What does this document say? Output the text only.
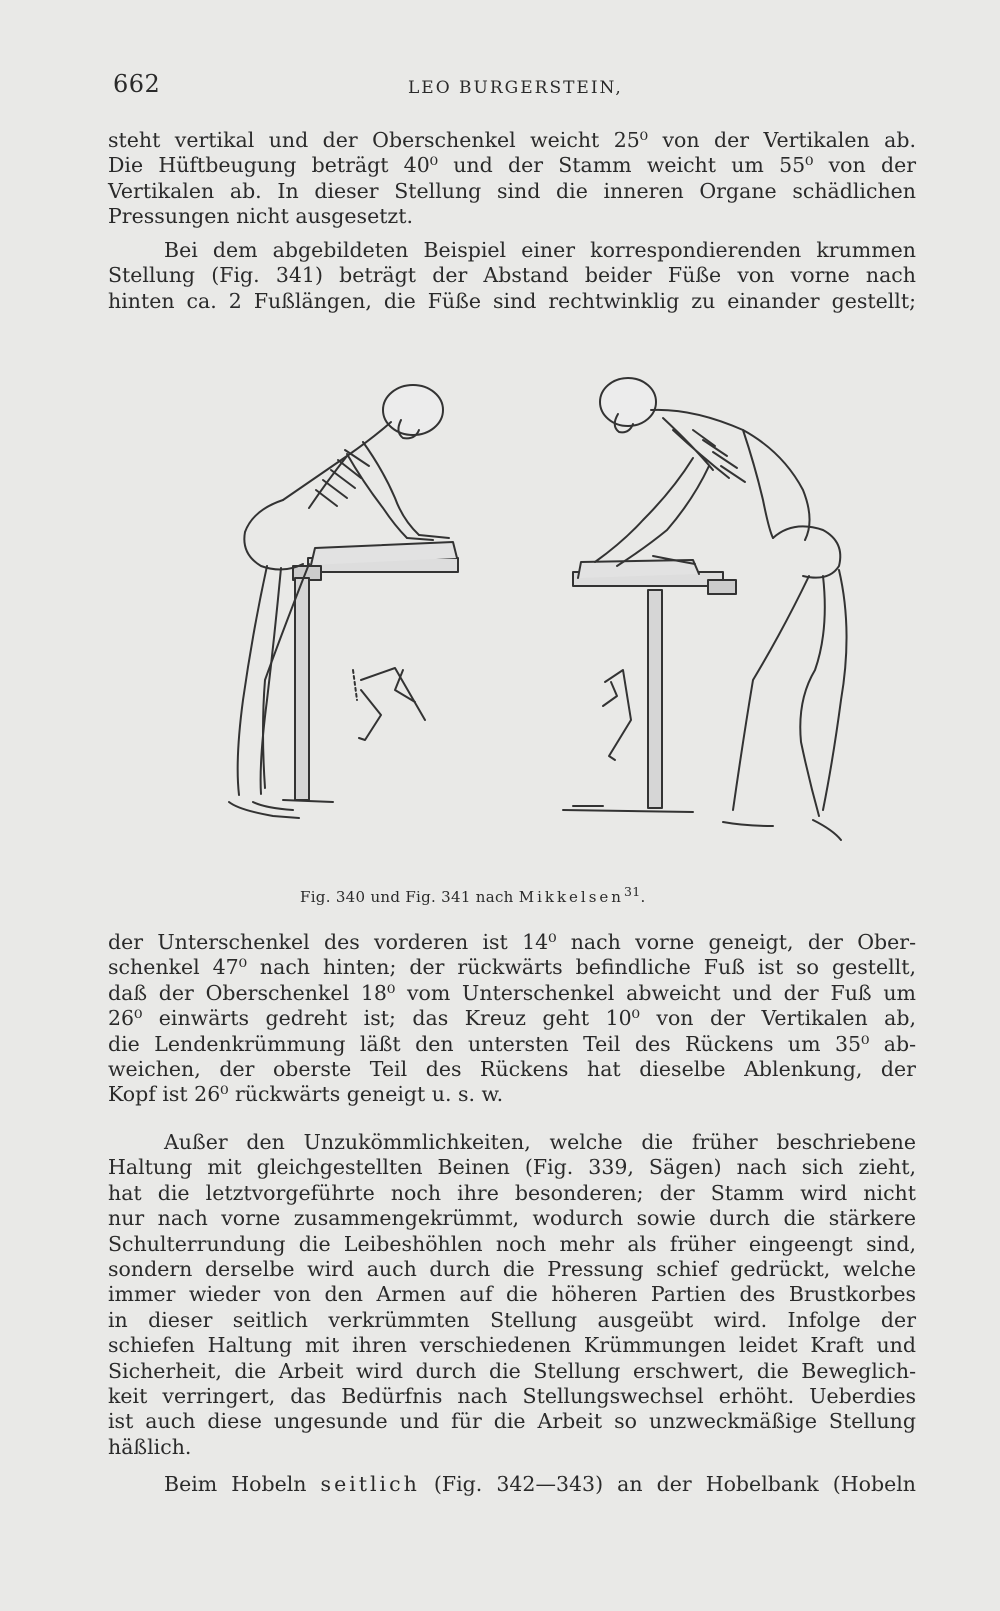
662	LEO BURGERSTEIN,
steht vertikal und der Oberschenkel weicht 25⁰ von der Vertikalen ab.
Die Hüftbeugung beträgt 40⁰ und der Stamm weicht um 55⁰ von der
Vertikalen ab. In dieser Stellung sind die inneren Organe schädlichen
Pressungen nicht ausgesetzt.
Bei dem abgebildeten Beispiel einer korrespondierenden krummen
Stellung (Fig. 341) beträgt der Abstand beider Füße von vorne nach
hinten ca. 2 Fußlängen, die Füße sind rechtwinklig zu einander gestellt;
Fig. 340 und Fig. 341 nach Mikkelsen$^{31}$.
der Unterschenkel des vorderen ist 14⁰ nach vorne geneigt, der Ober-
schenkel 47⁰ nach hinten; der rückwärts befindliche Fuß ist so gestellt,
daß der Oberschenkel 18⁰ vom Unterschenkel abweicht und der Fuß um
26⁰ einwärts gedreht ist; das Kreuz geht 10⁰ von der Vertikalen ab,
die Lendenkrümmung läßt den untersten Teil des Rückens um 35⁰ ab-
weichen, der oberste Teil des Rückens hat dieselbe Ablenkung, der
Kopf ist 26⁰ rückwärts geneigt u. s. w.
Außer den Unzukömmlichkeiten, welche die früher beschriebene
Haltung mit gleichgestellten Beinen (Fig. 339, Sägen) nach sich zieht,
hat die letztvorgeführte noch ihre besonderen; der Stamm wird nicht
nur nach vorne zusammengekrümmt, wodurch sowie durch die stärkere
Schulterrundung die Leibeshöhlen noch mehr als früher eingeengt sind,
sondern derselbe wird auch durch die Pressung schief gedrückt, welche
immer wieder von den Armen auf die höheren Partien des Brustkorbes
in dieser seitlich verkrümmten Stellung ausgeübt wird. Infolge der
schiefen Haltung mit ihren verschiedenen Krümmungen leidet Kraft und
Sicherheit, die Arbeit wird durch die Stellung erschwert, die Beweglich-
keit verringert, das Bedürfnis nach Stellungswechsel erhöht. Ueberdies
ist auch diese ungesunde und für die Arbeit so unzweckmäßige Stellung
häßlich.
Beim Hobeln seitlich (Fig. 342—343) an der Hobelbank (Hobeln
